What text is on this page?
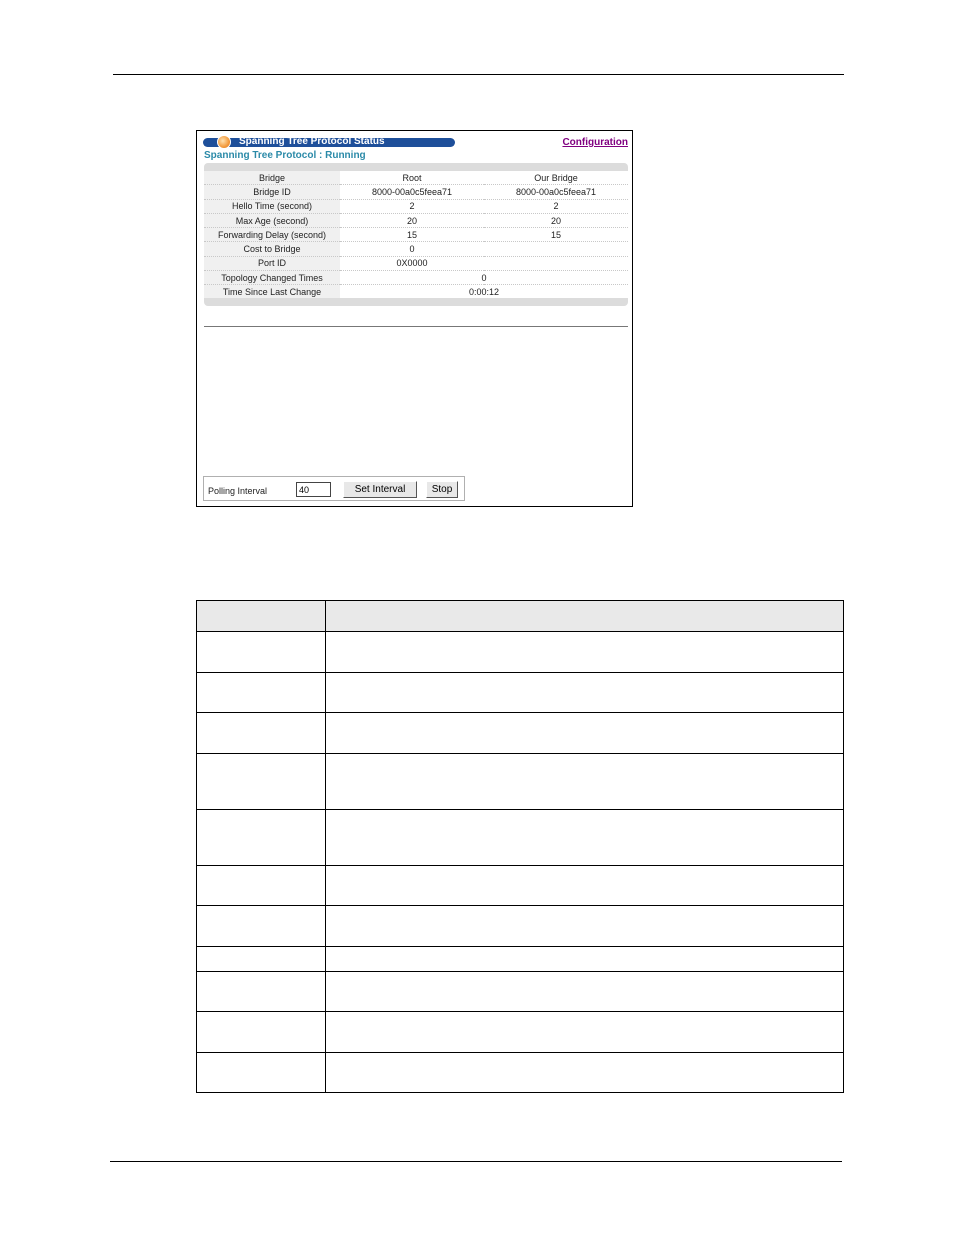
Spanning Tree Protocol Status	Configuration
Spanning Tree Protocol : Running
Bridge	Root	Our Bridge
Bridge ID	8000-00a0c5feea71	8000-00a0c5feea71
Hello Time (second)	2	2
Max Age (second)	20	20
Forwarding Delay (second)	15	15
Cost to Bridge	0	
Port ID	0X0000	
Topology Changed Times	0	
Time Since Last Change	0:00:12	
Polling Interval
40	Set Interval	Stop
